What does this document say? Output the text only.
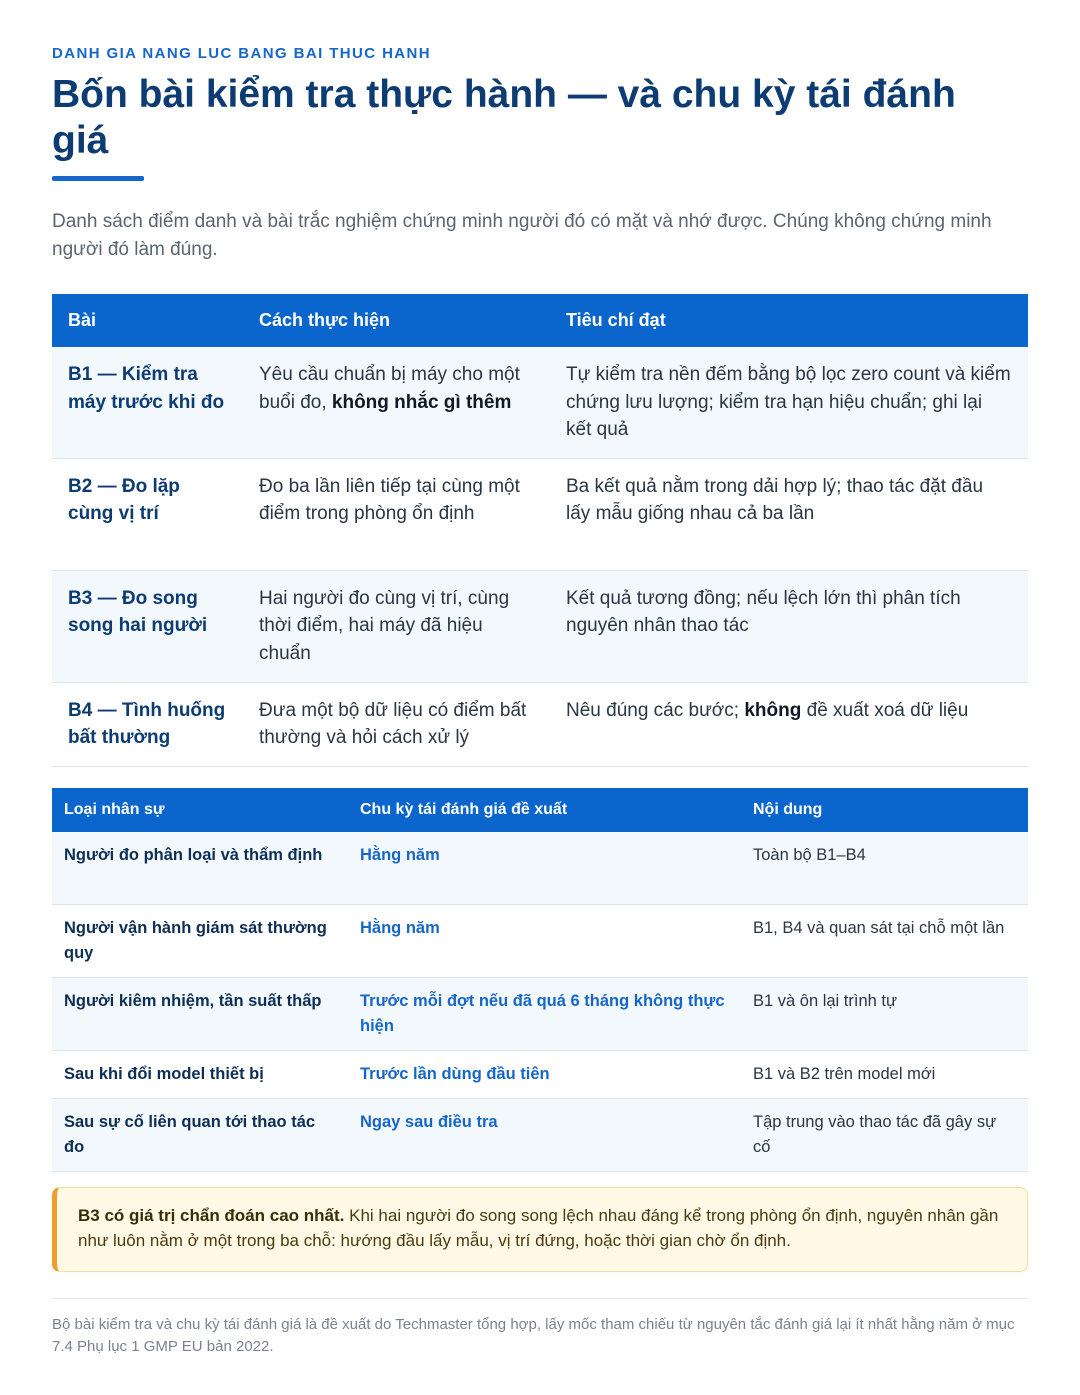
DANH GIA NANG LUC BANG BAI THUC HANH
Bốn bài kiểm tra thực hành — và chu kỳ tái đánh giá

Danh sách điểm danh và bài trắc nghiệm chứng minh người đó có mặt và nhớ được. Chúng không chứng minh người đó làm đúng.

Bài	Cách thực hiện	Tiêu chí đạt
B1 — Kiểm tra máy trước khi đo	Yêu cầu chuẩn bị máy cho một buổi đo, không nhắc gì thêm	Tự kiểm tra nền đếm bằng bộ lọc zero count và kiểm chứng lưu lượng; kiểm tra hạn hiệu chuẩn; ghi lại kết quả
B2 — Đo lặp cùng vị trí	Đo ba lần liên tiếp tại cùng một điểm trong phòng ổn định	Ba kết quả nằm trong dải hợp lý; thao tác đặt đầu lấy mẫu giống nhau cả ba lần
B3 — Đo song song hai người	Hai người đo cùng vị trí, cùng thời điểm, hai máy đã hiệu chuẩn	Kết quả tương đồng; nếu lệch lớn thì phân tích nguyên nhân thao tác
B4 — Tình huống bất thường	Đưa một bộ dữ liệu có điểm bất thường và hỏi cách xử lý	Nêu đúng các bước; không đề xuất xoá dữ liệu
Loại nhân sự	Chu kỳ tái đánh giá đề xuất	Nội dung
Người đo phân loại và thẩm định	Hằng năm	Toàn bộ B1–B4
Người vận hành giám sát thường quy	Hằng năm	B1, B4 và quan sát tại chỗ một lần
Người kiêm nhiệm, tần suất thấp	Trước mỗi đợt nếu đã quá 6 tháng không thực hiện	B1 và ôn lại trình tự
Sau khi đổi model thiết bị	Trước lần dùng đầu tiên	B1 và B2 trên model mới
Sau sự cố liên quan tới thao tác đo	Ngay sau điều tra	Tập trung vào thao tác đã gây sự cố
B3 có giá trị chẩn đoán cao nhất. Khi hai người đo song song lệch nhau đáng kể trong phòng ổn định, nguyên nhân gần như luôn nằm ở một trong ba chỗ: hướng đầu lấy mẫu, vị trí đứng, hoặc thời gian chờ ổn định.

Bộ bài kiểm tra và chu kỳ tái đánh giá là đề xuất do Techmaster tổng hợp, lấy mốc tham chiếu từ nguyên tắc đánh giá lại ít nhất hằng năm ở mục 7.4 Phụ lục 1 GMP EU bản 2022.
